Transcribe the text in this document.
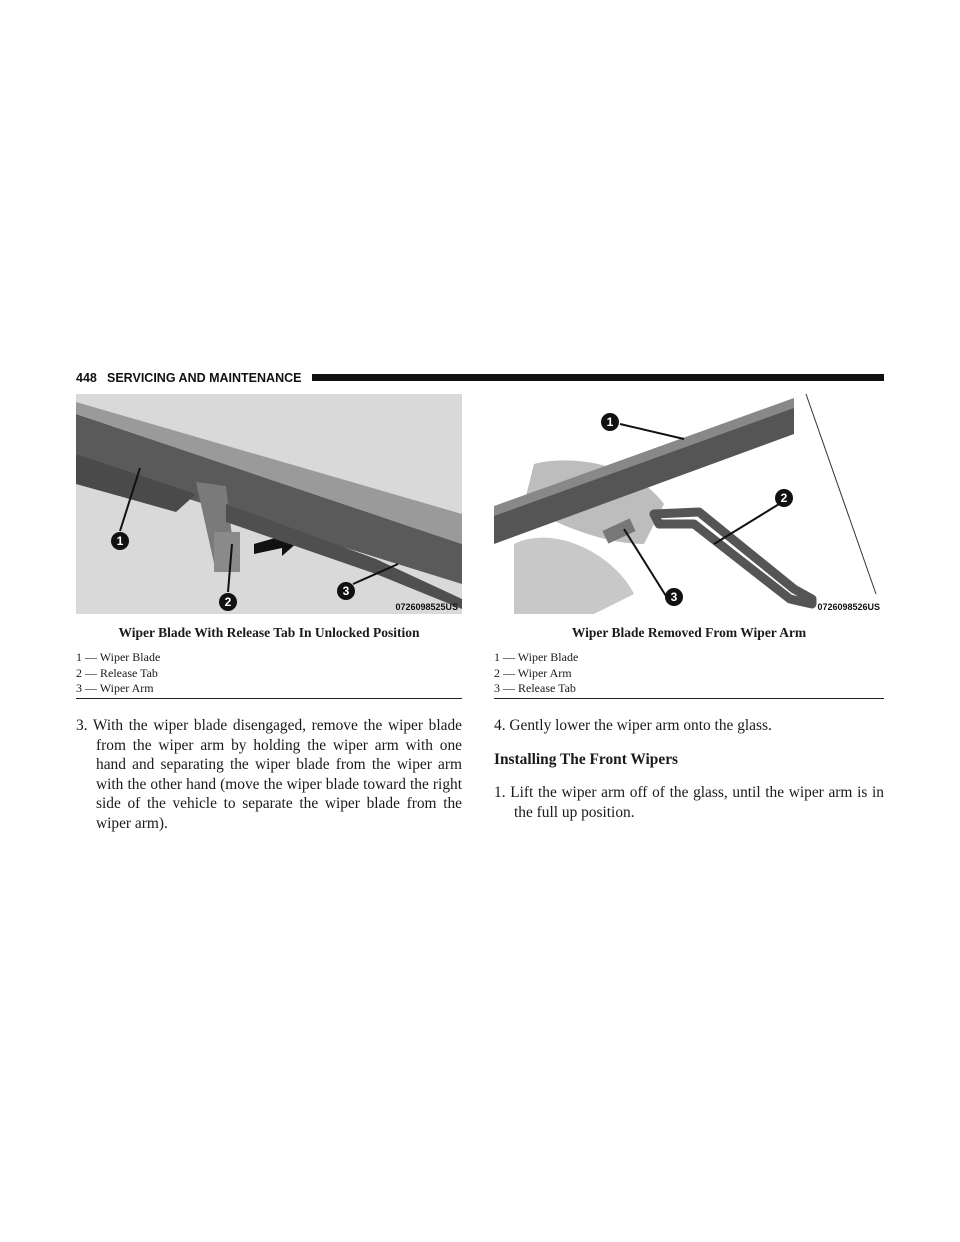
448 SERVICING AND MAINTENANCE
1
2
3
0726098525US
1
2
3
0726098526US
Wiper Blade With Release Tab In Unlocked Position	Wiper Blade Removed From Wiper Arm
1 — Wiper Blade
2 — Release Tab
3 — Wiper Arm
1 — Wiper Blade
2 — Wiper Arm
3 — Release Tab

3. With the wiper blade disengaged, remove the wiper blade from the wiper arm by holding the wiper arm with one hand and separating the wiper blade from the wiper arm with the other hand (move the wiper blade toward the right side of the vehicle to separate the wiper blade from the wiper arm).

4. Gently lower the wiper arm onto the glass.

Installing The Front Wipers

1. Lift the wiper arm off of the glass, until the wiper arm is in the full up position.
